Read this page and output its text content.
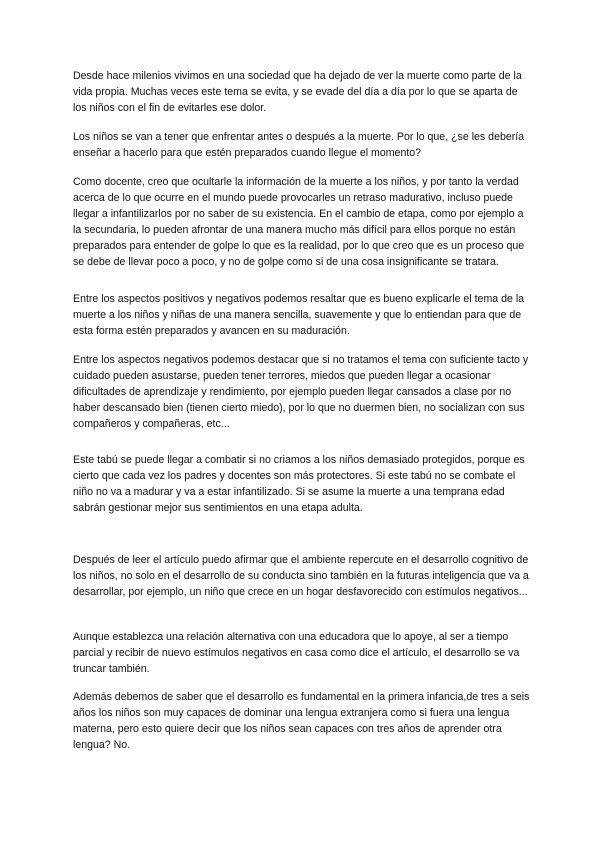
Desde hace milenios vivimos en una sociedad que ha dejado de ver la muerte como parte de la vida propia. Muchas veces este tema se evita, y se evade del día a día por lo que se aparta de los niños con el fin de evitarles ese dolor.

Los niños se van a tener que enfrentar antes o después a la muerte. Por lo que, ¿se les debería enseñar a hacerlo para que estén preparados cuando llegue el momento?

Como docente, creo que ocultarle la información de la muerte a los niños, y por tanto la verdad acerca de lo que ocurre en el mundo puede provocarles un retraso madurativo, incluso puede llegar a infantilizarlos por no saber de su existencia. En el cambio de etapa, como por ejemplo a la secundaria, lo pueden afrontar de una manera mucho más difícil para ellos porque no están preparados para entender de golpe lo que es la realidad, por lo que creo que es un proceso que se debe de llevar poco a poco, y no de golpe como si de una cosa insignificante se tratara.

Entre los aspectos positivos y negativos podemos resaltar que es bueno explicarle el tema de la muerte a los niños y niñas de una manera sencilla, suavemente y que lo entiendan para que de esta forma estén preparados y avancen en su maduración.

Entre los aspectos negativos podemos destacar que si no tratamos el tema con suficiente tacto y cuidado pueden asustarse, pueden tener terrores, miedos que pueden llegar a ocasionar dificultades de aprendizaje y rendimiento, por ejemplo pueden llegar cansados a clase por no haber descansado bien (tienen cierto miedo), por lo que no duermen bien, no socializan con sus compañeros y compañeras, etc...

Este tabú se puede llegar a combatir si no criamos a los niños demasiado protegidos, porque es cierto que cada vez los padres y docentes son más protectores. Si este tabú no se combate el niño no va a madurar y va a estar infantilizado. Si se asume la muerte a una temprana edad sabrán gestionar mejor sus sentimientos en una etapa adulta.

Después de leer el artículo puedo afirmar que el ambiente repercute en el desarrollo cognitivo de los niños, no solo en el desarrollo de su conducta sino también en la futuras inteligencia que va a desarrollar, por ejemplo, un niño que crece en un hogar desfavorecido con estímulos negativos...

Aunque establezca una relación alternativa con una educadora que lo apoye, al ser a tiempo parcial y recibir de nuevo estímulos negativos en casa como dice el artículo, el desarrollo se va truncar también.

Además debemos de saber que el desarrollo es fundamental en la primera infancia,de tres a seis años los niños son muy capaces de dominar una lengua extranjera como si fuera una lengua materna, pero esto quiere decir que los niños sean capaces con tres años de aprender otra lengua? No.
